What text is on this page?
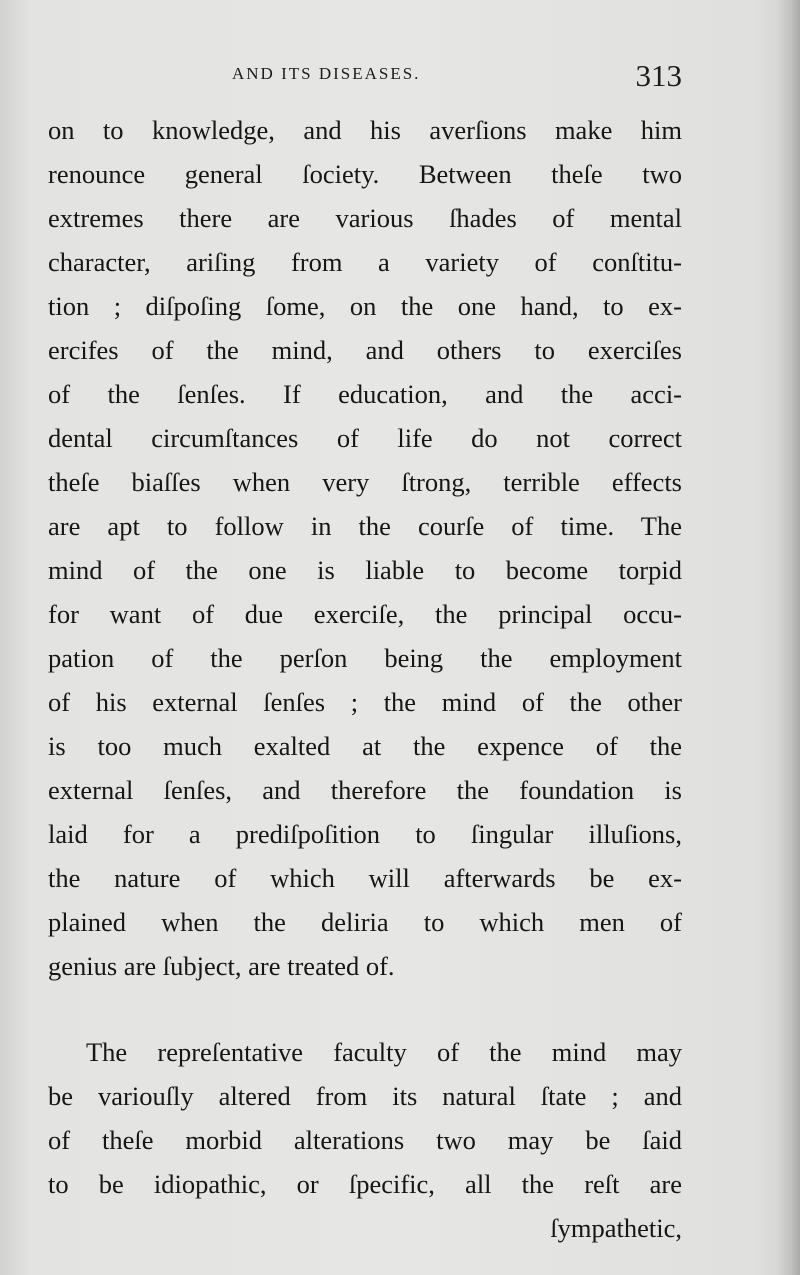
AND ITS DISEASES.	313
on to knowledge, and his averſions make him
renounce general ſociety. Between theſe two
extremes there are various ſhades of mental
character, ariſing from a variety of conſtitu-
tion ; diſpoſing ſome, on the one hand, to ex-
ercifes of the mind, and others to exerciſes
of the ſenſes. If education, and the acci-
dental circumſtances of life do not correct
theſe biaſſes when very ſtrong, terrible effects
are apt to follow in the courſe of time. The
mind of the one is liable to become torpid
for want of due exerciſe, the principal occu-
pation of the perſon being the employment
of his external ſenſes ; the mind of the other
is too much exalted at the expence of the
external ſenſes, and therefore the foundation is
laid for a prediſpoſition to ſingular illuſions,
the nature of which will afterwards be ex-
plained when the deliria to which men of
genius are ſubject, are treated of.
The repreſentative faculty of the mind may
be variouſly altered from its natural ſtate ; and
of theſe morbid alterations two may be ſaid
to be idiopathic, or ſpecific, all the reſt are
ſympathetic,
